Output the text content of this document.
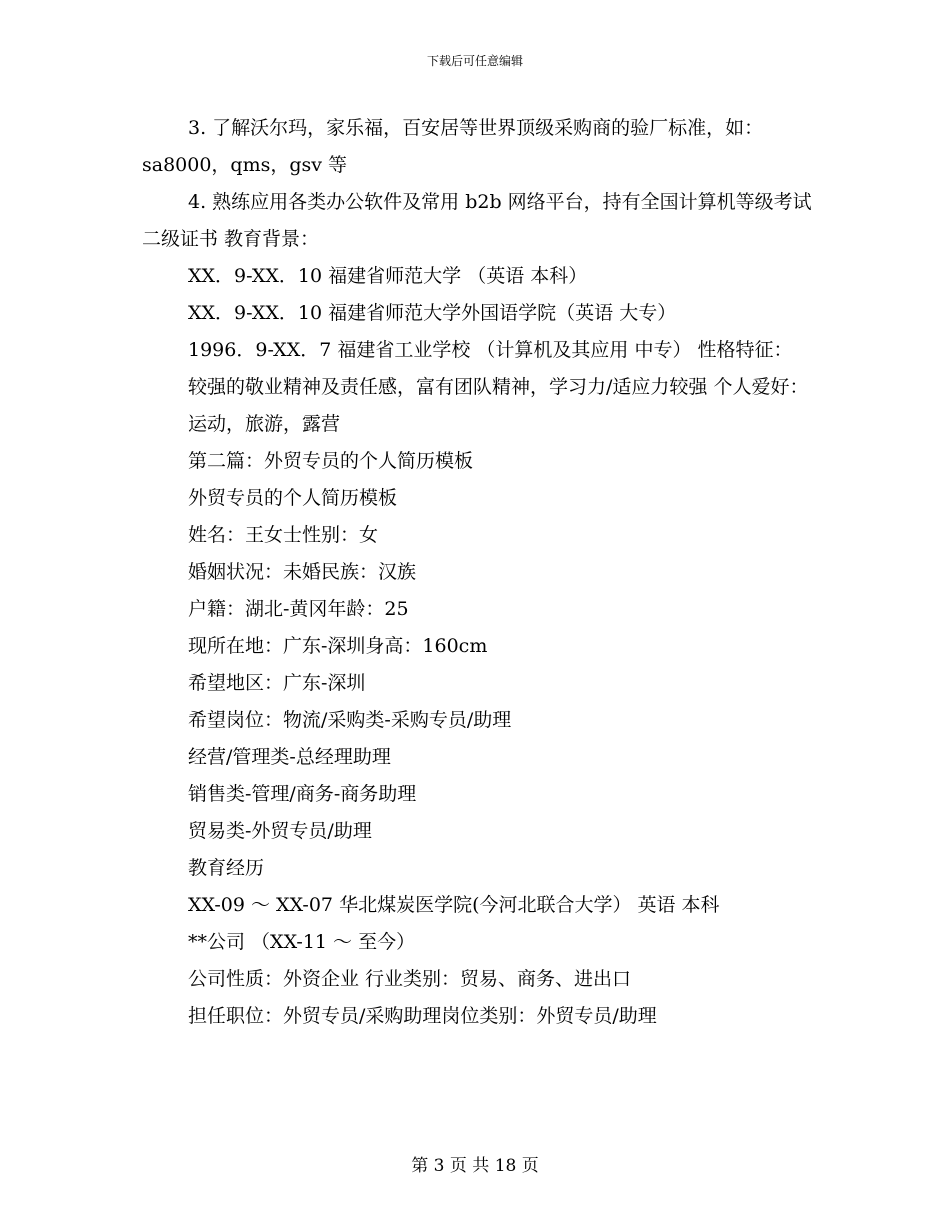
下载后可任意编辑

3. 了解沃尔玛，家乐福，百安居等世界顶级采购商的验厂标准，如：sa8000，qms，gsv 等

4. 熟练应用各类办公软件及常用 b2b 网络平台，持有全国计算机等级考试二级证书 教育背景：

XX．9-XX．10 福建省师范大学 （英语 本科）

XX．9-XX．10 福建省师范大学外国语学院（英语 大专）

1996．9-XX．7 福建省工业学校 （计算机及其应用 中专） 性格特征：

较强的敬业精神及责任感，富有团队精神，学习力/适应力较强 个人爱好：

运动，旅游，露营

第二篇：外贸专员的个人简历模板

外贸专员的个人简历模板

姓名：王女士性别：女

婚姻状况：未婚民族：汉族

户籍：湖北-黄冈年龄：25

现所在地：广东-深圳身高：160cm

希望地区：广东-深圳

希望岗位：物流/采购类-采购专员/助理

经营/管理类-总经理助理

销售类-管理/商务-商务助理

贸易类-外贸专员/助理

教育经历

XX-09 ～ XX-07 华北煤炭医学院(今河北联合大学） 英语 本科

**公司 （XX-11 ～ 至今）

公司性质：外资企业 行业类别：贸易、商务、进出口

担任职位：外贸专员/采购助理岗位类别：外贸专员/助理

第 3 页 共 18 页
